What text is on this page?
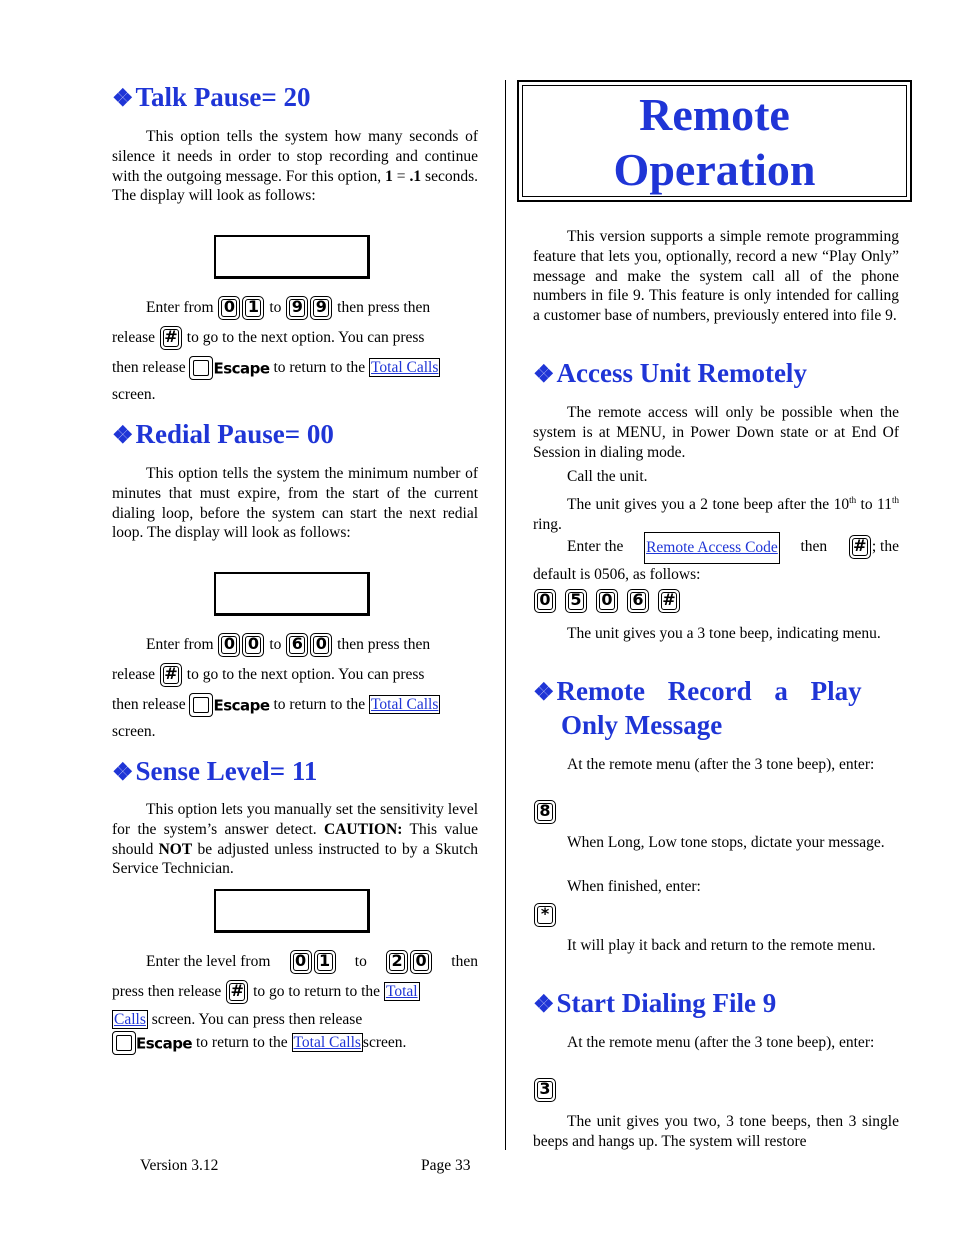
❖Talk Pause= 20

This option tells the system how many seconds of silence it needs in order to stop recording and continue with the outgoing message. For this option, 1 = .1 seconds. The display will look as follows:

Enter from 0 1 to 9 9 then press then
release # to go to the next option. You can press
then release Escape to return to the Total Calls
screen.
❖Redial Pause= 00

This option tells the system the minimum number of minutes that must expire, from the start of the current dialing loop, before the system can start the next redial loop. The display will look as follows:

Enter from 0 0 to 6 0 then press then
release # to go to the next option. You can press
then release Escape to return to the Total Calls
screen.
❖Sense Level= 11

This option lets you manually set the sensitivity level for the system’s answer detect. CAUTION: This value should NOT be adjusted unless instructed to by a Skutch Service Technician.

Enter the level from	0 1	to	2 0	then
press then release # to go to return to the Total
Calls screen. You can press then release
Escape to return to the Total Calls screen.
Remote
Operation

This version supports a simple remote programming feature that lets you, optionally, record a new “Play Only” message and make the system call all of the phone numbers in file 9. This feature is only intended for calling a customer base of numbers, previously entered into file 9.

❖Access Unit Remotely

The remote access will only be possible when the system is at MENU, in Power Down state or at End Of Session in dialing mode.

Call the unit.

The unit gives you a 2 tone beep after the 10th to 11th ring.

Enter the Remote Access Code then	# ; the
default is 0506, as follows:
0 5 0 6 #

The unit gives you a 3 tone beep, indicating menu.

❖Remote Record a Play
Only Message

At the remote menu (after the 3 tone beep), enter:

8

When Long, Low tone stops, dictate your message.

When finished, enter:

*

It will play it back and return to the remote menu.

❖Start Dialing File 9

At the remote menu (after the 3 tone beep), enter:

3

The unit gives you two, 3 tone beeps, then 3 single beeps and hangs up. The system will restore

Version 3.12	Page 33
